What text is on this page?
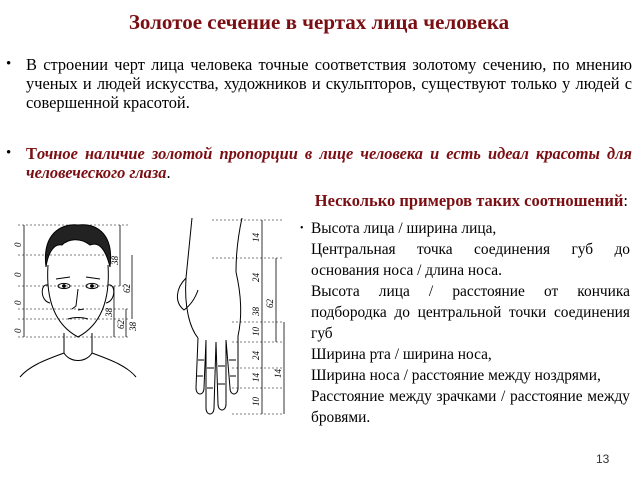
Золотое сечение в чертах лица человека
• В строении черт лица человека точные соответствия золотому сечению, по мнению ученых и людей искусства, художников и скульпторов, существуют только у людей с совершенной красотой.
• Точное наличие золотой пропорции в лице человека и есть идеал красоты для человеческого глаза.
Несколько примеров таких соотношений:
0
0
0
0
38
62
38
62 38
14
24
38
62
10
24
14
10
14
• Высота лица / ширина лица,
Центральная точка соединения губ до основания носа / длина носа.
Высота лица / расстояние от кончика подбородка до центральной точки соединения губ
Ширина рта / ширина носа,
Ширина носа / расстояние между ноздрями,
Расстояние между зрачками / расстояние между бровями.
13
